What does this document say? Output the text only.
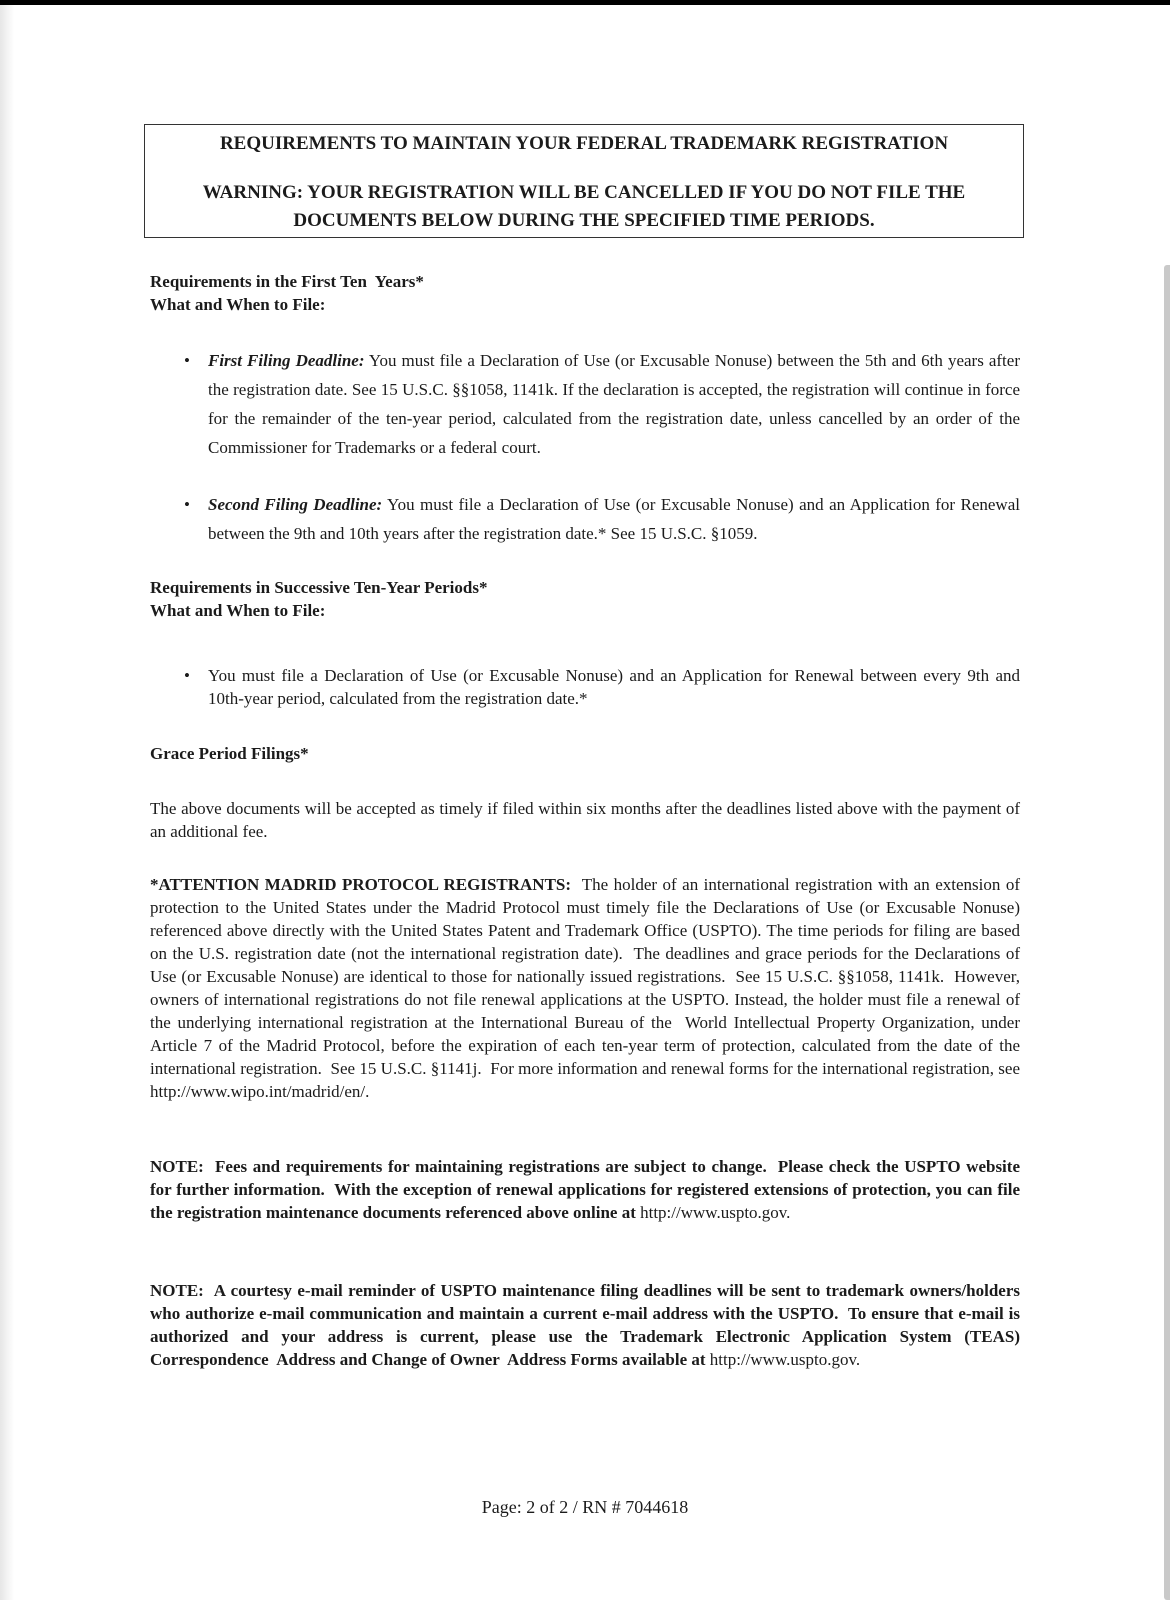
REQUIREMENTS TO MAINTAIN YOUR FEDERAL TRADEMARK REGISTRATION
WARNING: YOUR REGISTRATION WILL BE CANCELLED IF YOU DO NOT FILE THE DOCUMENTS BELOW DURING THE SPECIFIED TIME PERIODS.
Requirements in the First Ten  Years*
What and When to File:
• First Filing Deadline: You must file a Declaration of Use (or Excusable Nonuse) between the 5th and 6th years after the registration date. See 15 U.S.C. §§1058, 1141k. If the declaration is accepted, the registration will continue in force for the remainder of the ten-year period, calculated from the registration date, unless cancelled by an order of the Commissioner for Trademarks or a federal court.
• Second Filing Deadline: You must file a Declaration of Use (or Excusable Nonuse) and an Application for Renewal between the 9th and 10th years after the registration date.* See 15 U.S.C. §1059.
Requirements in Successive Ten-Year Periods*
What and When to File:
• You must file a Declaration of Use (or Excusable Nonuse) and an Application for Renewal between every 9th and 10th-year period, calculated from the registration date.*
Grace Period Filings*

The above documents will be accepted as timely if filed within six months after the deadlines listed above with the payment of an additional fee.

*ATTENTION MADRID PROTOCOL REGISTRANTS:  The holder of an international registration with an extension of protection to the United States under the Madrid Protocol must timely file the Declarations of Use (or Excusable Nonuse) referenced above directly with the United States Patent and Trademark Office (USPTO). The time periods for filing are based on the U.S. registration date (not the international registration date).  The deadlines and grace periods for the Declarations of Use (or Excusable Nonuse) are identical to those for nationally issued registrations.  See 15 U.S.C. §§1058, 1141k.  However, owners of international registrations do not file renewal applications at the USPTO. Instead, the holder must file a renewal of the underlying international registration at the International Bureau of the  World Intellectual Property Organization, under Article 7 of the Madrid Protocol, before the expiration of each ten-year term of protection, calculated from the date of the international registration.  See 15 U.S.C. §1141j.  For more information and renewal forms for the international registration, see http://www.wipo.int/madrid/en/.

NOTE:  Fees and requirements for maintaining registrations are subject to change.  Please check the USPTO website for further information.  With the exception of renewal applications for registered extensions of protection, you can file the registration maintenance documents referenced above online at http://www.uspto.gov.

NOTE:  A courtesy e-mail reminder of USPTO maintenance filing deadlines will be sent to trademark owners/holders who authorize e-mail communication and maintain a current e-mail address with the USPTO.  To ensure that e-mail is authorized and your address is current, please use the Trademark Electronic Application System (TEAS) Correspondence  Address and Change of Owner  Address Forms available at http://www.uspto.gov.

Page: 2 of 2 / RN # 7044618
